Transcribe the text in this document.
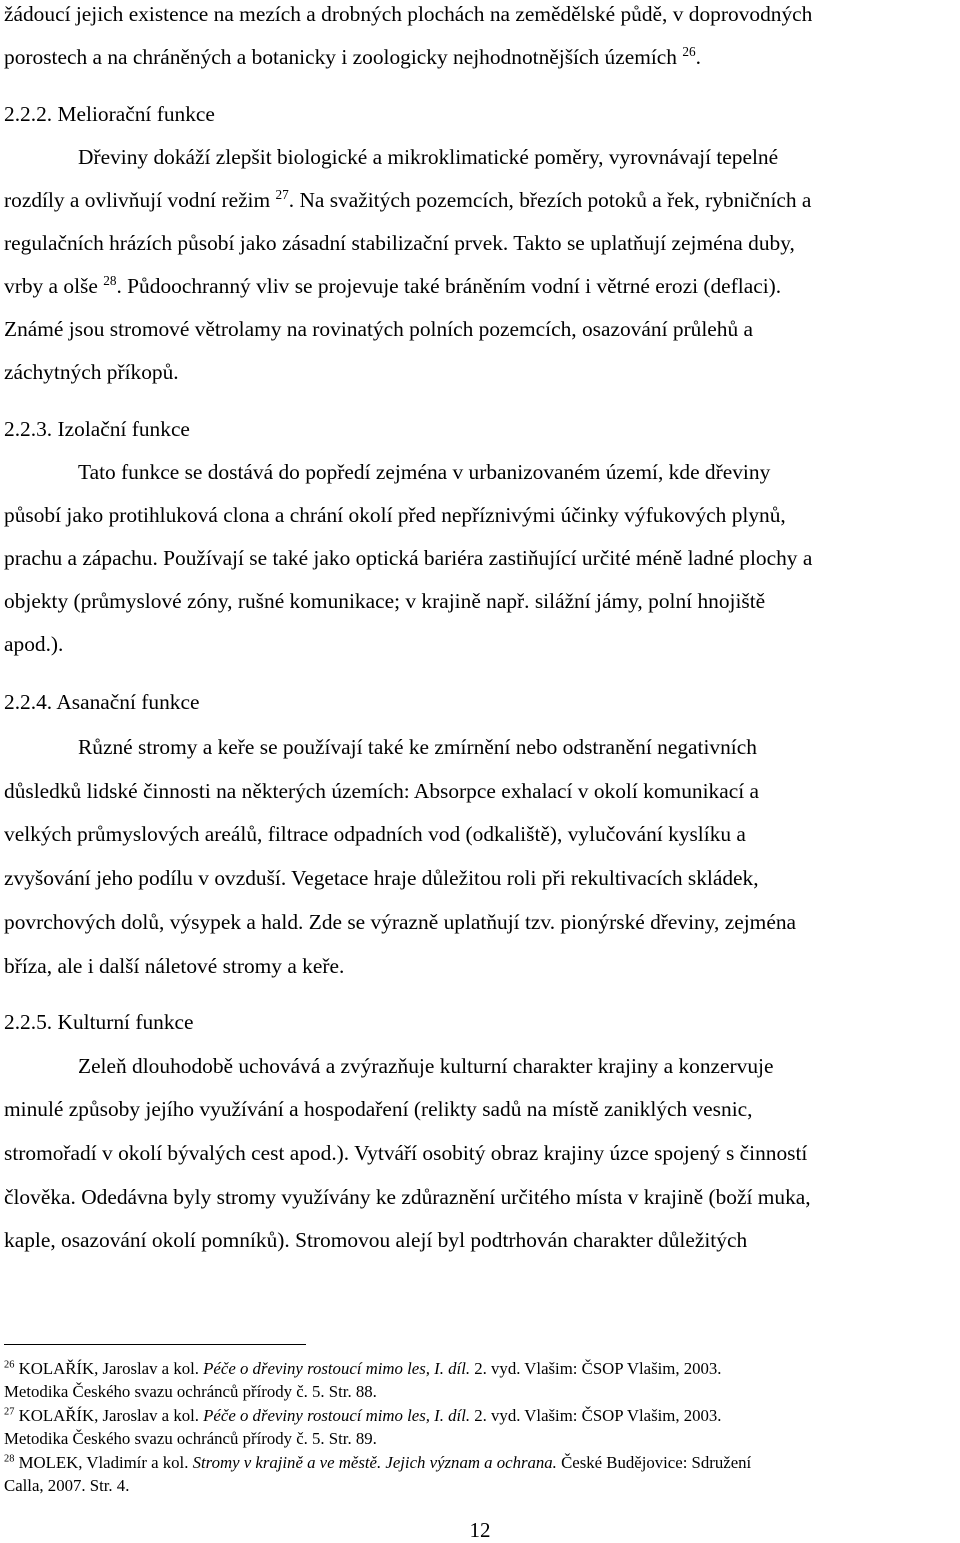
žádoucí jejich existence na mezích a drobných plochách na zemědělské půdě, v doprovodných
porostech a na chráněných a botanicky i zoologicky nejhodnotnějších územích $^{26}$.
2.2.2. Meliorační funkce
Dřeviny dokáží zlepšit biologické a mikroklimatické poměry, vyrovnávají tepelné
rozdíly a ovlivňují vodní režim $^{27}$. Na svažitých pozemcích, březích potoků a řek, rybničních a
regulačních hrázích působí jako zásadní stabilizační prvek. Takto se uplatňují zejména duby,
vrby a olše $^{28}$. Půdoochranný vliv se projevuje také bráněním vodní i větrné erozi (deflaci).
Známé jsou stromové větrolamy na rovinatých polních pozemcích, osazování průlehů a
záchytných příkopů.
2.2.3. Izolační funkce
Tato funkce se dostává do popředí zejména v urbanizovaném území, kde dřeviny
působí jako protihluková clona a chrání okolí před nepříznivými účinky výfukových plynů,
prachu a zápachu. Používají se také jako optická bariéra zastiňující určité méně ladné plochy a
objekty (průmyslové zóny, rušné komunikace; v krajině např. silážní jámy, polní hnojiště
apod.).
2.2.4. Asanační funkce
Různé stromy a keře se používají také ke zmírnění nebo odstranění negativních
důsledků lidské činnosti na některých územích: Absorpce exhalací v okolí komunikací a
velkých průmyslových areálů, filtrace odpadních vod (odkaliště), vylučování kyslíku a
zvyšování jeho podílu v ovzduší. Vegetace hraje důležitou roli při rekultivacích skládek,
povrchových dolů, výsypek a hald. Zde se výrazně uplatňují tzv. pionýrské dřeviny, zejména
bříza, ale i další náletové stromy a keře.
2.2.5. Kulturní funkce
Zeleň dlouhodobě uchovává a zvýrazňuje kulturní charakter krajiny a konzervuje
minulé způsoby jejího využívání a hospodaření (relikty sadů na místě zaniklých vesnic,
stromořadí v okolí bývalých cest apod.). Vytváří osobitý obraz krajiny úzce spojený s činností
člověka. Odedávna byly stromy využívány ke zdůraznění určitého místa v krajině (boží muka,
kaple, osazování okolí pomníků). Stromovou alejí byl podtrhován charakter důležitých
$^{26}$ KOLAŘÍK, Jaroslav a kol. Péče o dřeviny rostoucí mimo les, I. díl. 2. vyd. Vlašim: ČSOP Vlašim, 2003.
Metodika Českého svazu ochránců přírody č. 5. Str. 88.
$^{27}$ KOLAŘÍK, Jaroslav a kol. Péče o dřeviny rostoucí mimo les, I. díl. 2. vyd. Vlašim: ČSOP Vlašim, 2003.
Metodika Českého svazu ochránců přírody č. 5. Str. 89.
$^{28}$ MOLEK, Vladimír a kol. Stromy v krajině a ve městě. Jejich význam a ochrana. České Budějovice: Sdružení
Calla, 2007. Str. 4.
12
